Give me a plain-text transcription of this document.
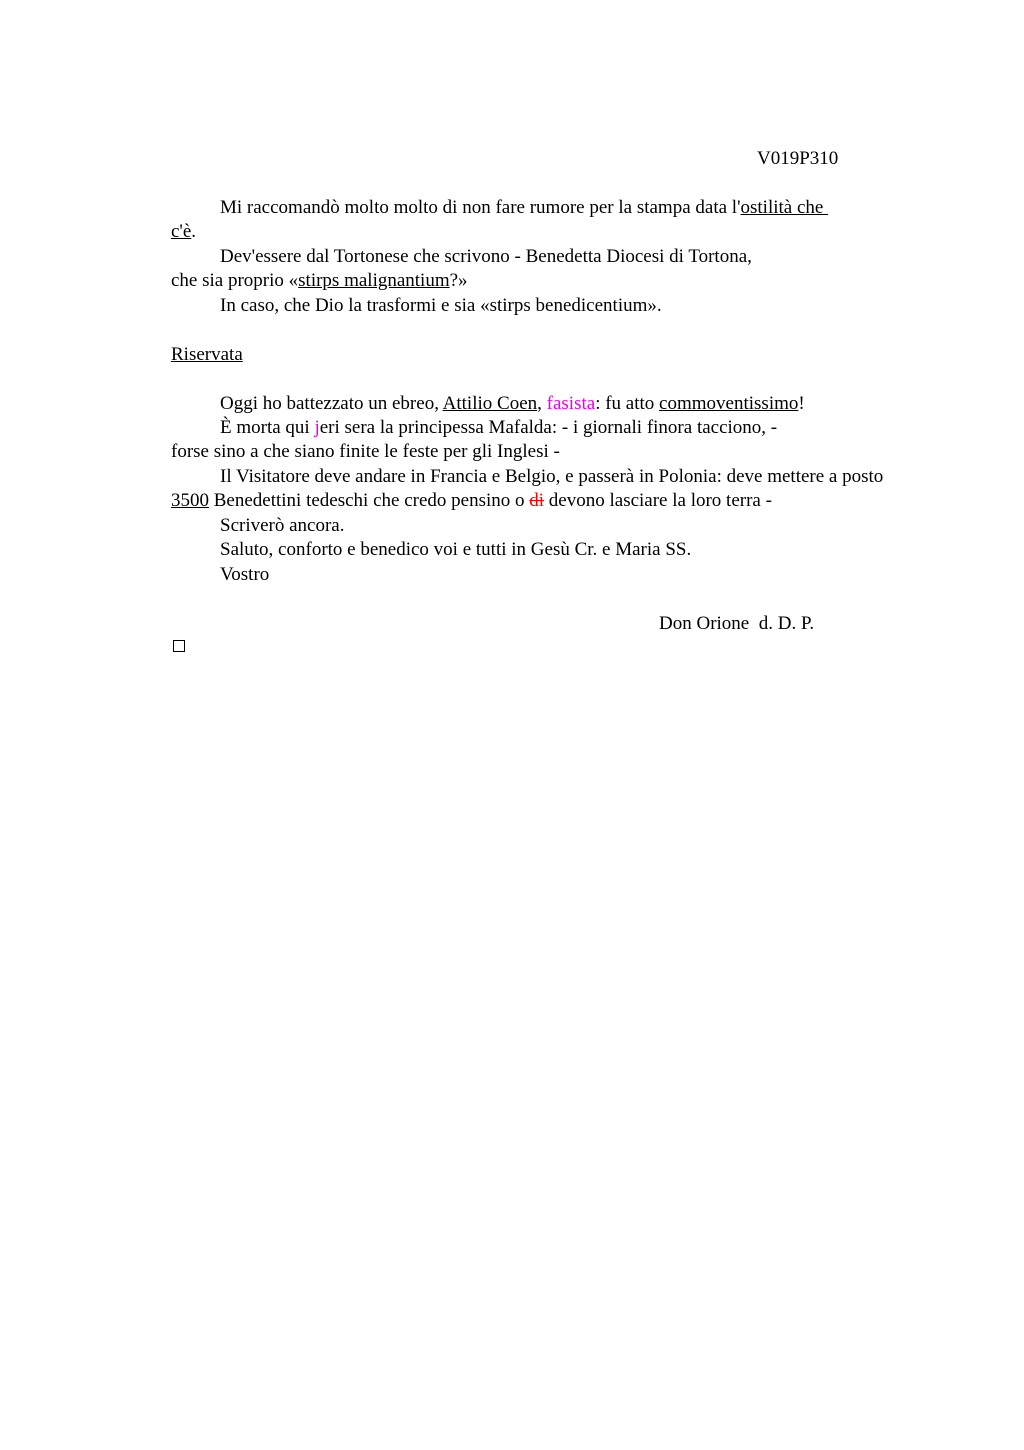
V019P310
Mi raccomandò molto molto di non fare rumore per la stampa data l'ostilità che
c'è.
Dev'essere dal Tortonese che scrivono - Benedetta Diocesi di Tortona,
che sia proprio «stirps malignantium?»
In caso, che Dio la trasformi e sia «stirps benedicentium».
Riservata
Oggi ho battezzato un ebreo, Attilio Coen, fasista: fu atto commoventissimo!
È morta qui jeri sera la principessa Mafalda: - i giornali finora tacciono, -
forse sino a che siano finite le feste per gli Inglesi -
Il Visitatore deve andare in Francia e Belgio, e passerà in Polonia: deve mettere a posto
3500 Benedettini tedeschi che credo pensino o di devono lasciare la loro terra -
Scriverò ancora.
Saluto, conforto e benedico voi e tutti in Gesù Cr. e Maria SS.
Vostro
Don Orione  d. D. P.
